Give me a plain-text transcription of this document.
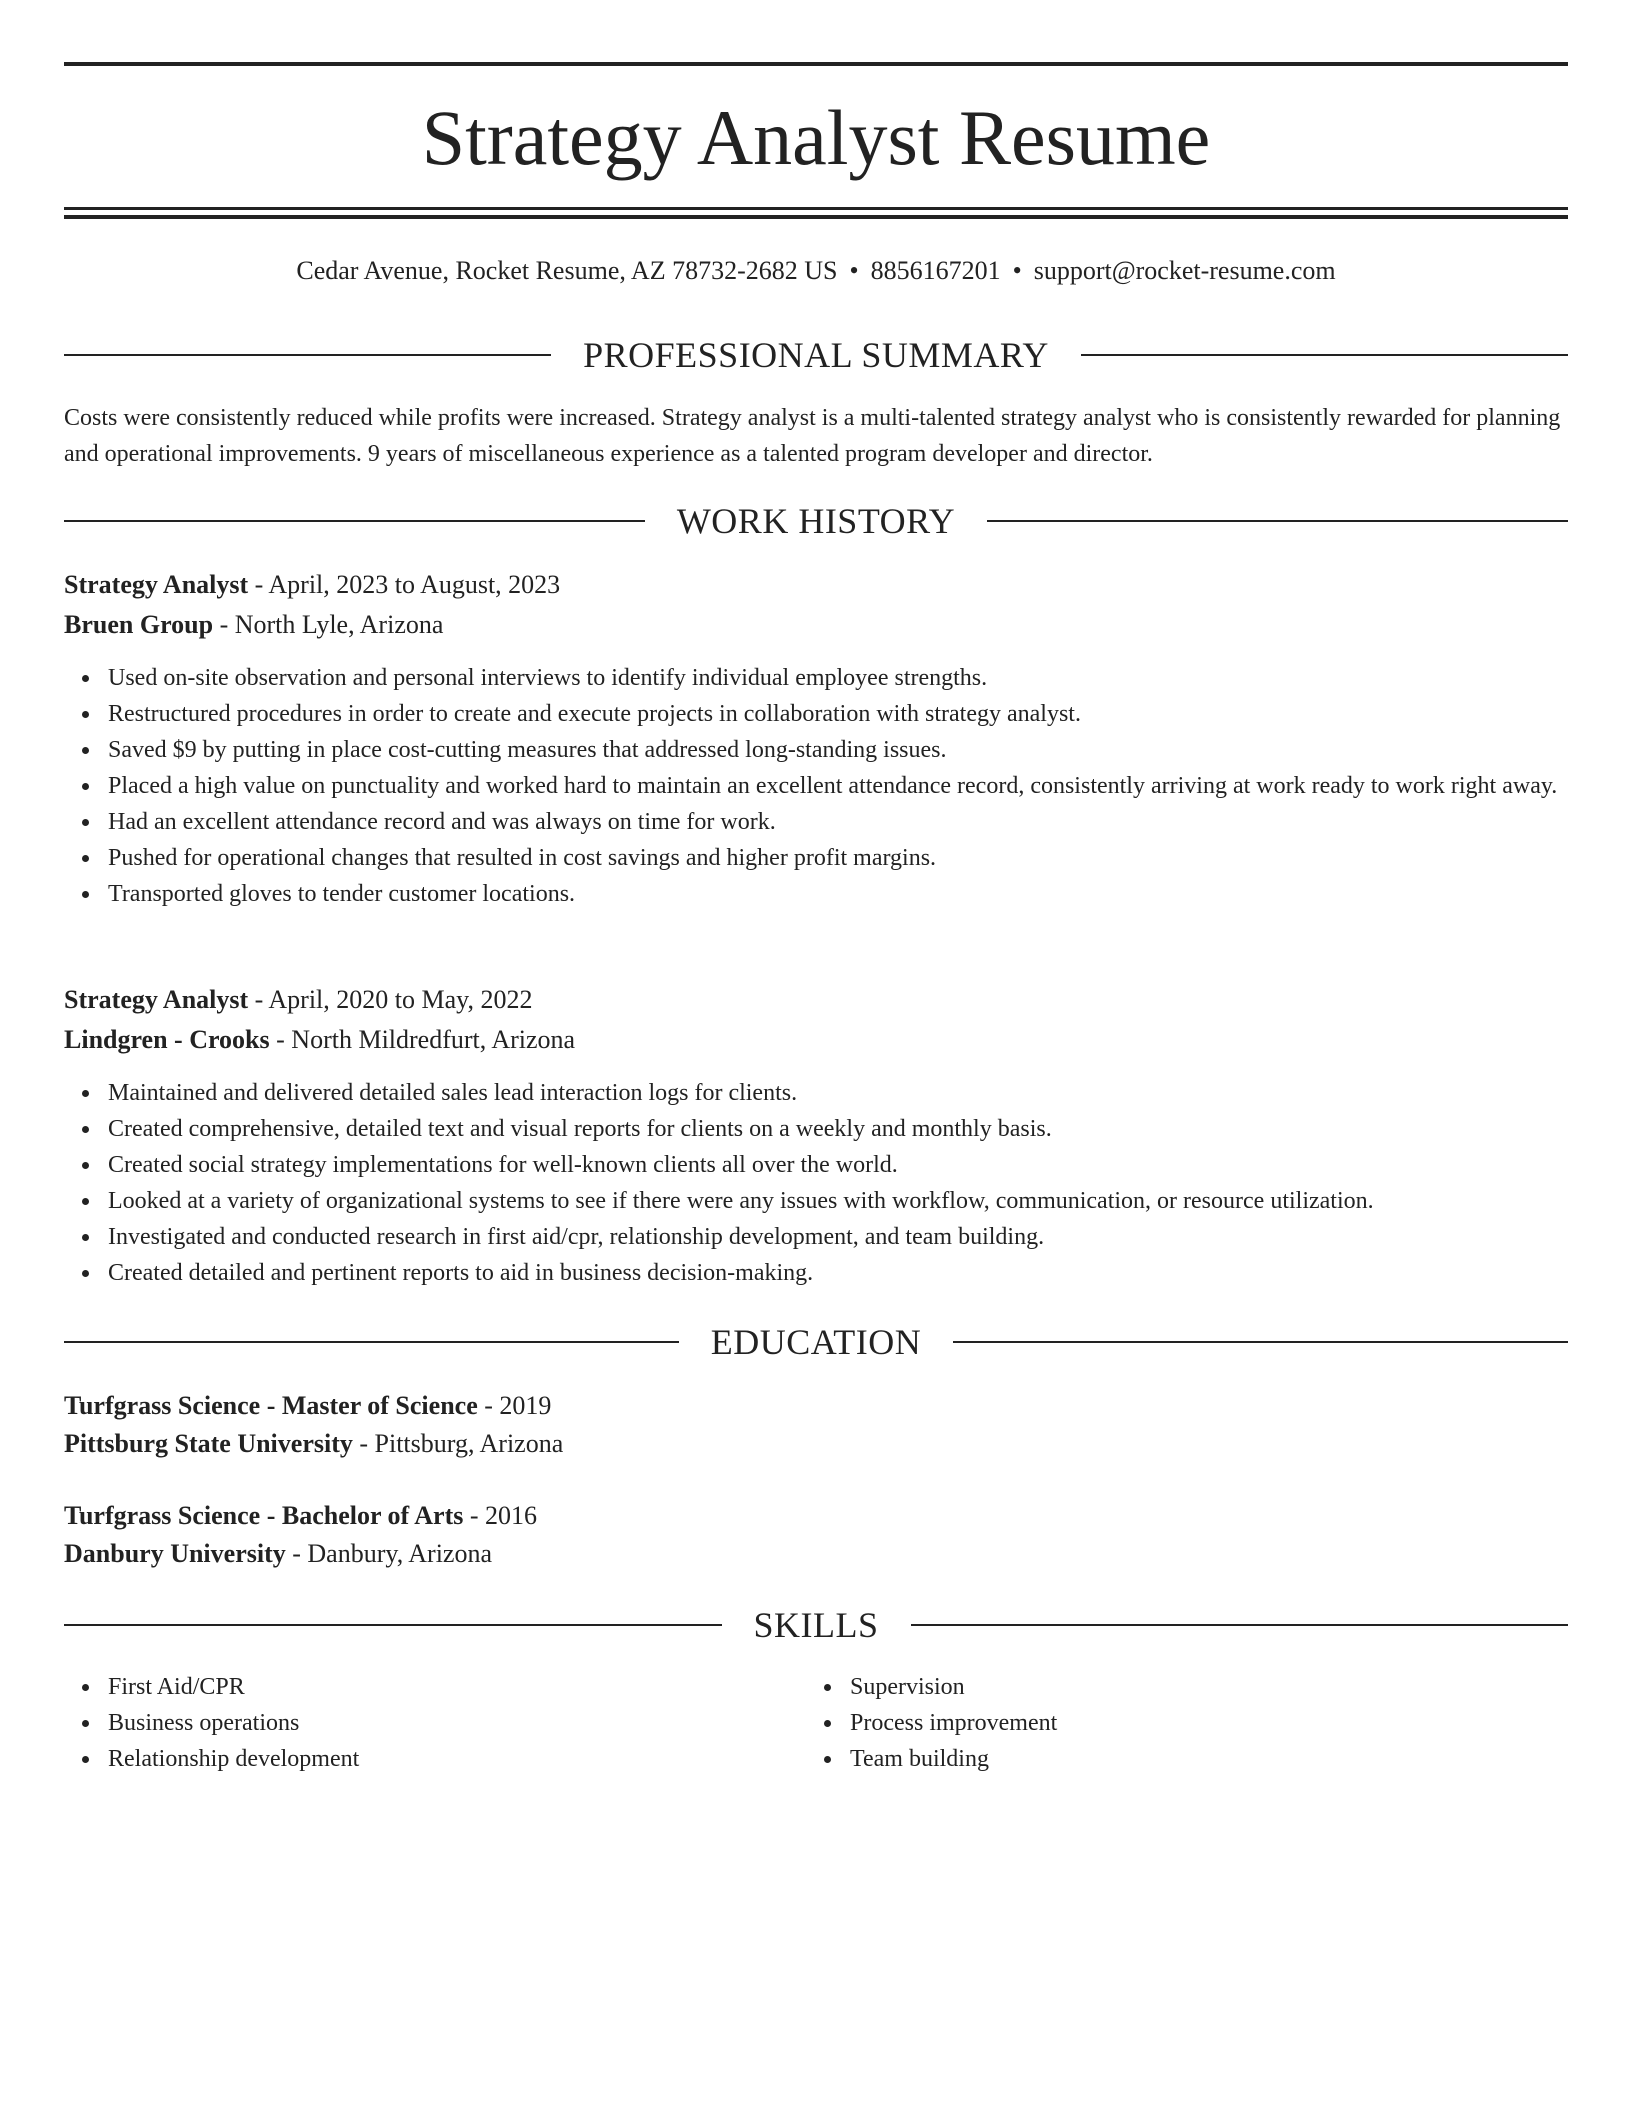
Strategy Analyst Resume
Cedar Avenue, Rocket Resume, AZ 78732-2682 US • 8856167201 • support@rocket-resume.com
PROFESSIONAL SUMMARY

Costs were consistently reduced while profits were increased. Strategy analyst is a multi-talented strategy analyst who is consistently rewarded for planning and operational improvements. 9 years of miscellaneous experience as a talented program developer and director.

WORK HISTORY
Strategy Analyst - April, 2023 to August, 2023
Bruen Group - North Lyle, Arizona
Used on-site observation and personal interviews to identify individual employee strengths.
Restructured procedures in order to create and execute projects in collaboration with strategy analyst.
Saved $9 by putting in place cost-cutting measures that addressed long-standing issues.
Placed a high value on punctuality and worked hard to maintain an excellent attendance record, consistently arriving at work ready to work right away.
Had an excellent attendance record and was always on time for work.
Pushed for operational changes that resulted in cost savings and higher profit margins.
Transported gloves to tender customer locations.
Strategy Analyst - April, 2020 to May, 2022
Lindgren - Crooks - North Mildredfurt, Arizona
Maintained and delivered detailed sales lead interaction logs for clients.
Created comprehensive, detailed text and visual reports for clients on a weekly and monthly basis.
Created social strategy implementations for well-known clients all over the world.
Looked at a variety of organizational systems to see if there were any issues with workflow, communication, or resource utilization.
Investigated and conducted research in first aid/cpr, relationship development, and team building.
Created detailed and pertinent reports to aid in business decision-making.
EDUCATION
Turfgrass Science - Master of Science - 2019
Pittsburg State University - Pittsburg, Arizona
Turfgrass Science - Bachelor of Arts - 2016
Danbury University - Danbury, Arizona
SKILLS
First Aid/CPR
Business operations
Relationship development
Supervision
Process improvement
Team building
